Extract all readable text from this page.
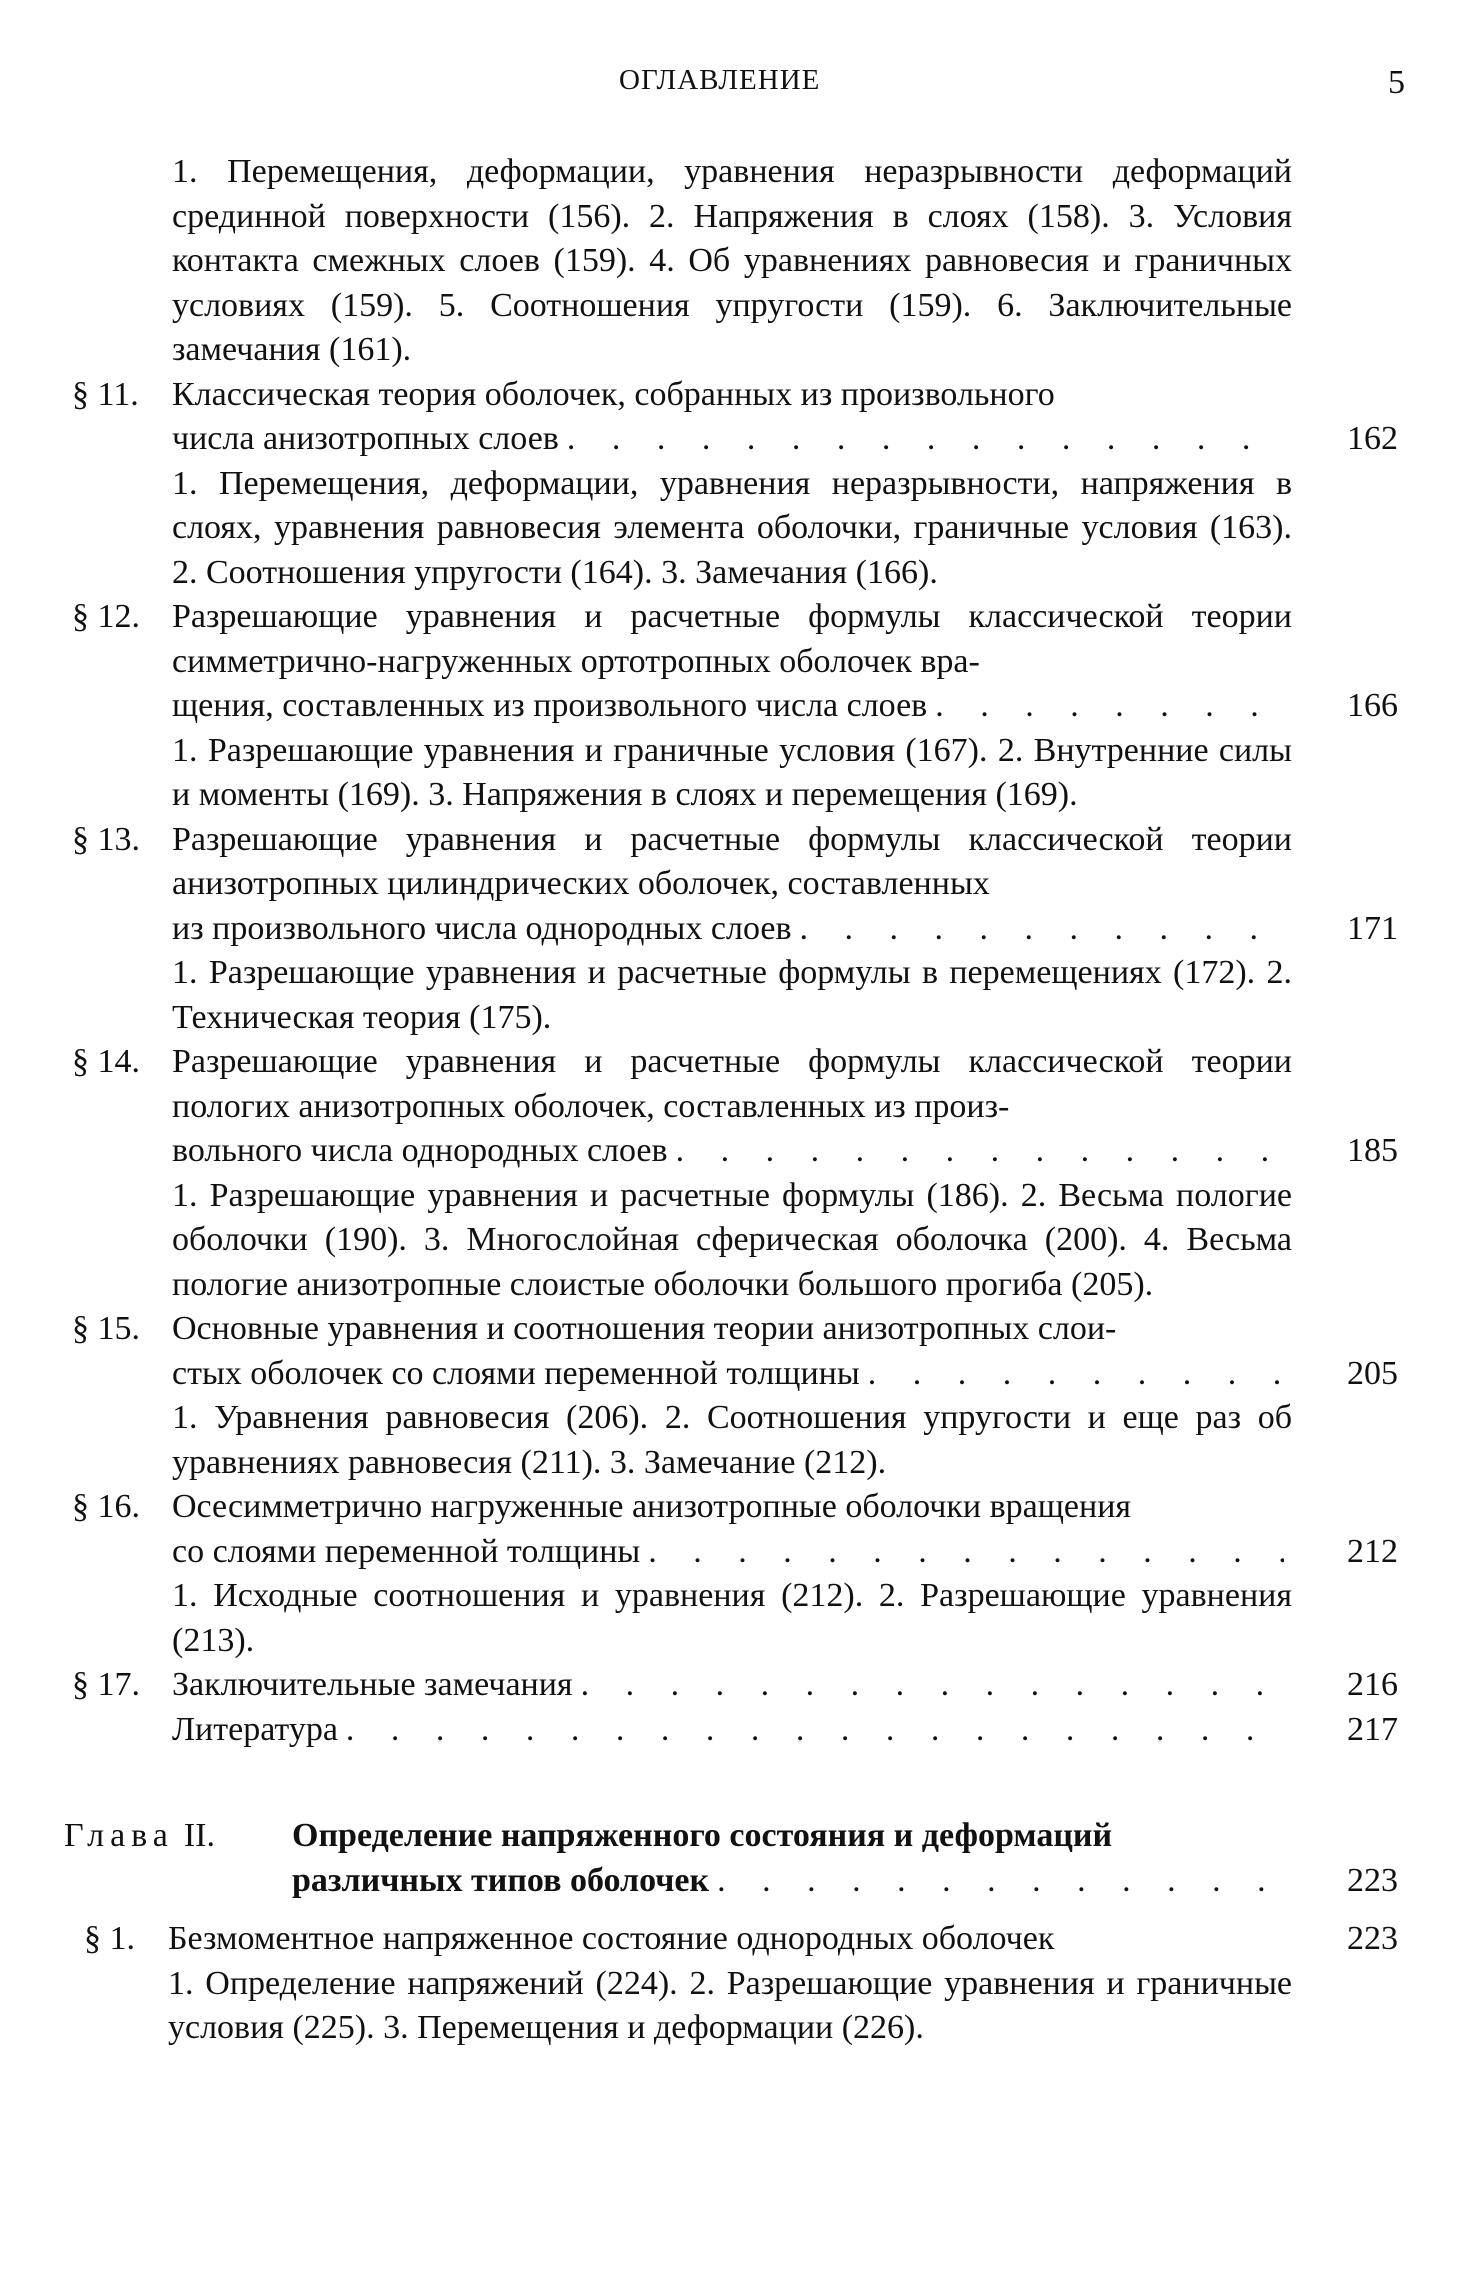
ОГЛАВЛЕНИЕ	5
1. Перемещения, деформации, уравнения неразрывности деформаций срединной поверхности (156). 2. Напряжения в слоях (158). 3. Условия контакта смежных слоев (159). 4. Об уравнениях равновесия и граничных условиях (159). 5. Соотношения упругости (159). 6. Заключительные замечания (161).
§ 11. Классическая теория оболочек, собранных из произвольного
числа анизотропных слоев . . .	162
1. Перемещения, деформации, уравнения неразрывности, напряжения в слоях, уравнения равновесия элемента оболочки, граничные условия (163). 2. Соотношения упругости (164). 3. Замечания (166).
§ 12. Разрешающие уравнения и расчетные формулы классической теории симметрично-нагруженных ортотропных оболочек вра-
щения, составленных из произвольного числа слоев . . .	166
1. Разрешающие уравнения и граничные условия (167). 2. Внутренние силы и моменты (169). 3. Напряжения в слоях и перемещения (169).
§ 13. Разрешающие уравнения и расчетные формулы классической теории анизотропных цилиндрических оболочек, составленных
из произвольного числа однородных слоев . . .	171
1. Разрешающие уравнения и расчетные формулы в перемещениях (172). 2. Техническая теория (175).
§ 14. Разрешающие уравнения и расчетные формулы классической теории пологих анизотропных оболочек, составленных из произ-
вольного числа однородных слоев . . .	185
1. Разрешающие уравнения и расчетные формулы (186). 2. Весьма пологие оболочки (190). 3. Многослойная сферическая оболочка (200). 4. Весьма пологие анизотропные слоистые оболочки большого прогиба (205).
§ 15. Основные уравнения и соотношения теории анизотропных слои-
стых оболочек со слоями переменной толщины . . .	205
1. Уравнения равновесия (206). 2. Соотношения упругости и еще раз об уравнениях равновесия (211). 3. Замечание (212).
§ 16. Осесимметрично нагруженные анизотропные оболочки вращения
со слоями переменной толщины . . .	212
1. Исходные соотношения и уравнения (212). 2. Разрешающие уравнения (213).
§ 17. Заключительные замечания . . .	216
Литература . . .	217
Глава II. Определение напряженного состояния и деформаций
различных типов оболочек . . .	223
§ 1. Безмоментное напряженное состояние однородных оболочек	223
1. Определение напряжений (224). 2. Разрешающие уравнения и граничные условия (225). 3. Перемещения и деформации (226).
